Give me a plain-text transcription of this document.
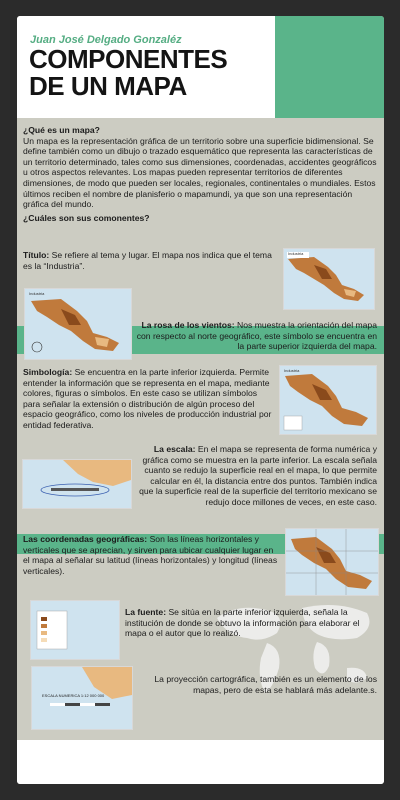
Juan José Delgado Gonzaléz
COMPONENTES
DE UN MAPA
¿Qué es un mapa?
Un mapa es la representación gráfica de un territorio sobre una superficie bidimensional. Se define también como un dibujo o trazado esquemático que representa las características de un territorio determinado, tales como sus dimensiones, coordenadas, accidentes geográficos u otros aspectos relevantes. Los mapas pueden representar territorios de diferentes dimensiones, de modo que pueden ser locales, regionales, continentales o mundiales. Estos últimos reciben el nombre de planisferio o mapamundi, ya que son una representación gráfica del mundo.
¿Cuáles son sus comonentes?
Título: Se refiere al tema y lugar. El mapa nos indica que el tema es la “Industria”.
Industria
Industria
La rosa de los vientos: Nos muestra la orientación del mapa con respecto al norte geográfico, este símbolo se encuentra en la parte superior izquierda del mapa.
Simbología: Se encuentra en la parte inferior izquierda. Permite entender la información que se representa en el mapa, mediante colores, figuras o símbolos. En este caso se utilizan símbolos para señalar la extensión o distribución de algún proceso del espacio geográfico, como los niveles de producción industrial por entidad federativa.
Industria
La escala: En el mapa se representa de forma numérica y gráfica como se muestra en la parte inferior. La escala señala cuanto se redujo la superficie real en el mapa, lo que permite calcular en él, la distancia entre dos puntos. También indica que la superficie real de la superficie del territorio mexicano se redujo doce millones de veces, en este caso.
Las coordenadas geográficas: Son las líneas horizontales y verticales que se aprecian, y sirven para ubicar cualquier lugar en el mapa al señalar su latitud (líneas horizontales) y longitud (líneas verticales).
La fuente: Se sitúa en la parte inferior izquierda, señala la institución de donde se obtuvo la información para elaborar el mapa o el autor que lo realizó.
ESCALA NUMERICA 1:12 000 000
La proyección cartográfica, también es un elemento de los mapas, pero de esta se hablará más adelante.s.
